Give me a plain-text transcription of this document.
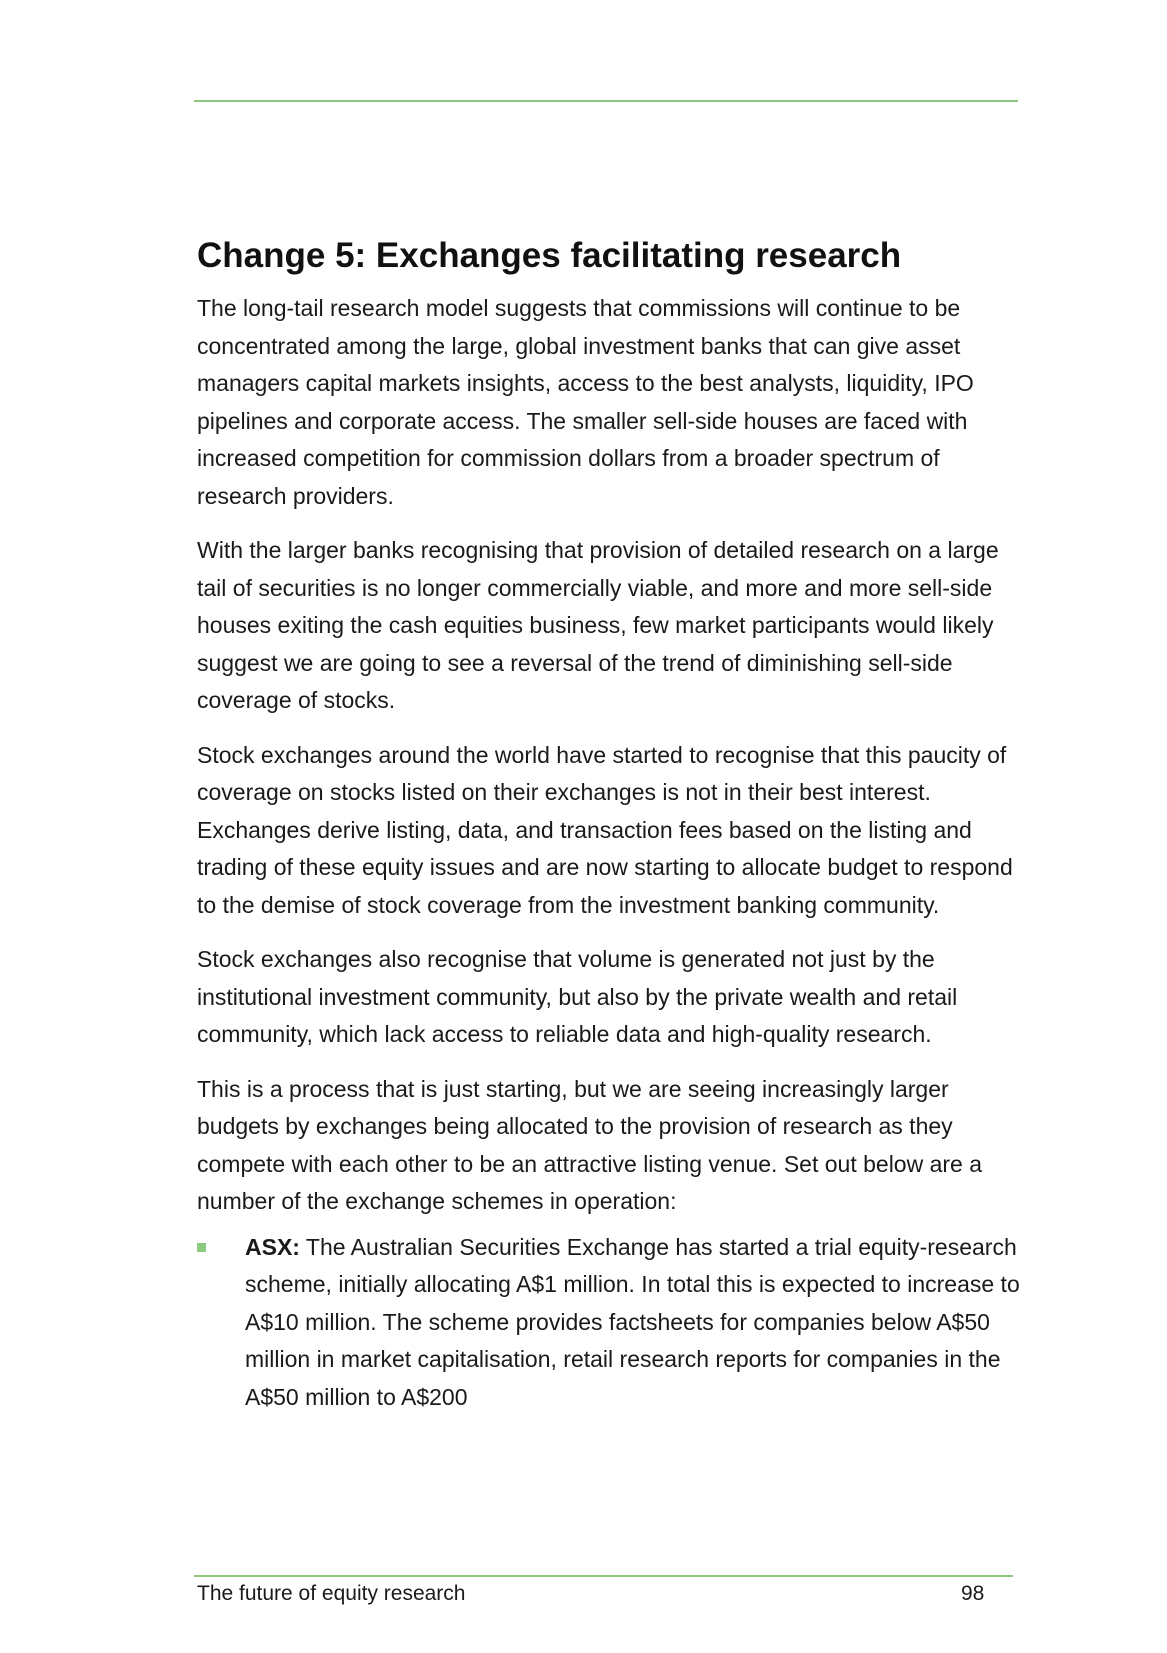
Change 5: Exchanges facilitating research

The long-tail research model suggests that commissions will continue to be concentrated among the large, global investment banks that can give asset managers capital markets insights, access to the best analysts, liquidity, IPO pipelines and corporate access. The smaller sell-side houses are faced with increased competition for commission dollars from a broader spectrum of research providers.

With the larger banks recognising that provision of detailed research on a large tail of securities is no longer commercially viable, and more and more sell-side houses exiting the cash equities business, few market participants would likely suggest we are going to see a reversal of the trend of diminishing sell-side coverage of stocks.

Stock exchanges around the world have started to recognise that this paucity of coverage on stocks listed on their exchanges is not in their best interest. Exchanges derive listing, data, and transaction fees based on the listing and trading of these equity issues and are now starting to allocate budget to respond to the demise of stock coverage from the investment banking community.

Stock exchanges also recognise that volume is generated not just by the institutional investment community, but also by the private wealth and retail community, which lack access to reliable data and high-quality research.

This is a process that is just starting, but we are seeing increasingly larger budgets by exchanges being allocated to the provision of research as they compete with each other to be an attractive listing venue. Set out below are a number of the exchange schemes in operation:

ASX: The Australian Securities Exchange has started a trial equity-research scheme, initially allocating A$1 million. In total this is expected to increase to A$10 million. The scheme provides factsheets for companies below A$50 million in market capitalisation, retail research reports for companies in the A$50 million to A$200
The future of equity research	98
